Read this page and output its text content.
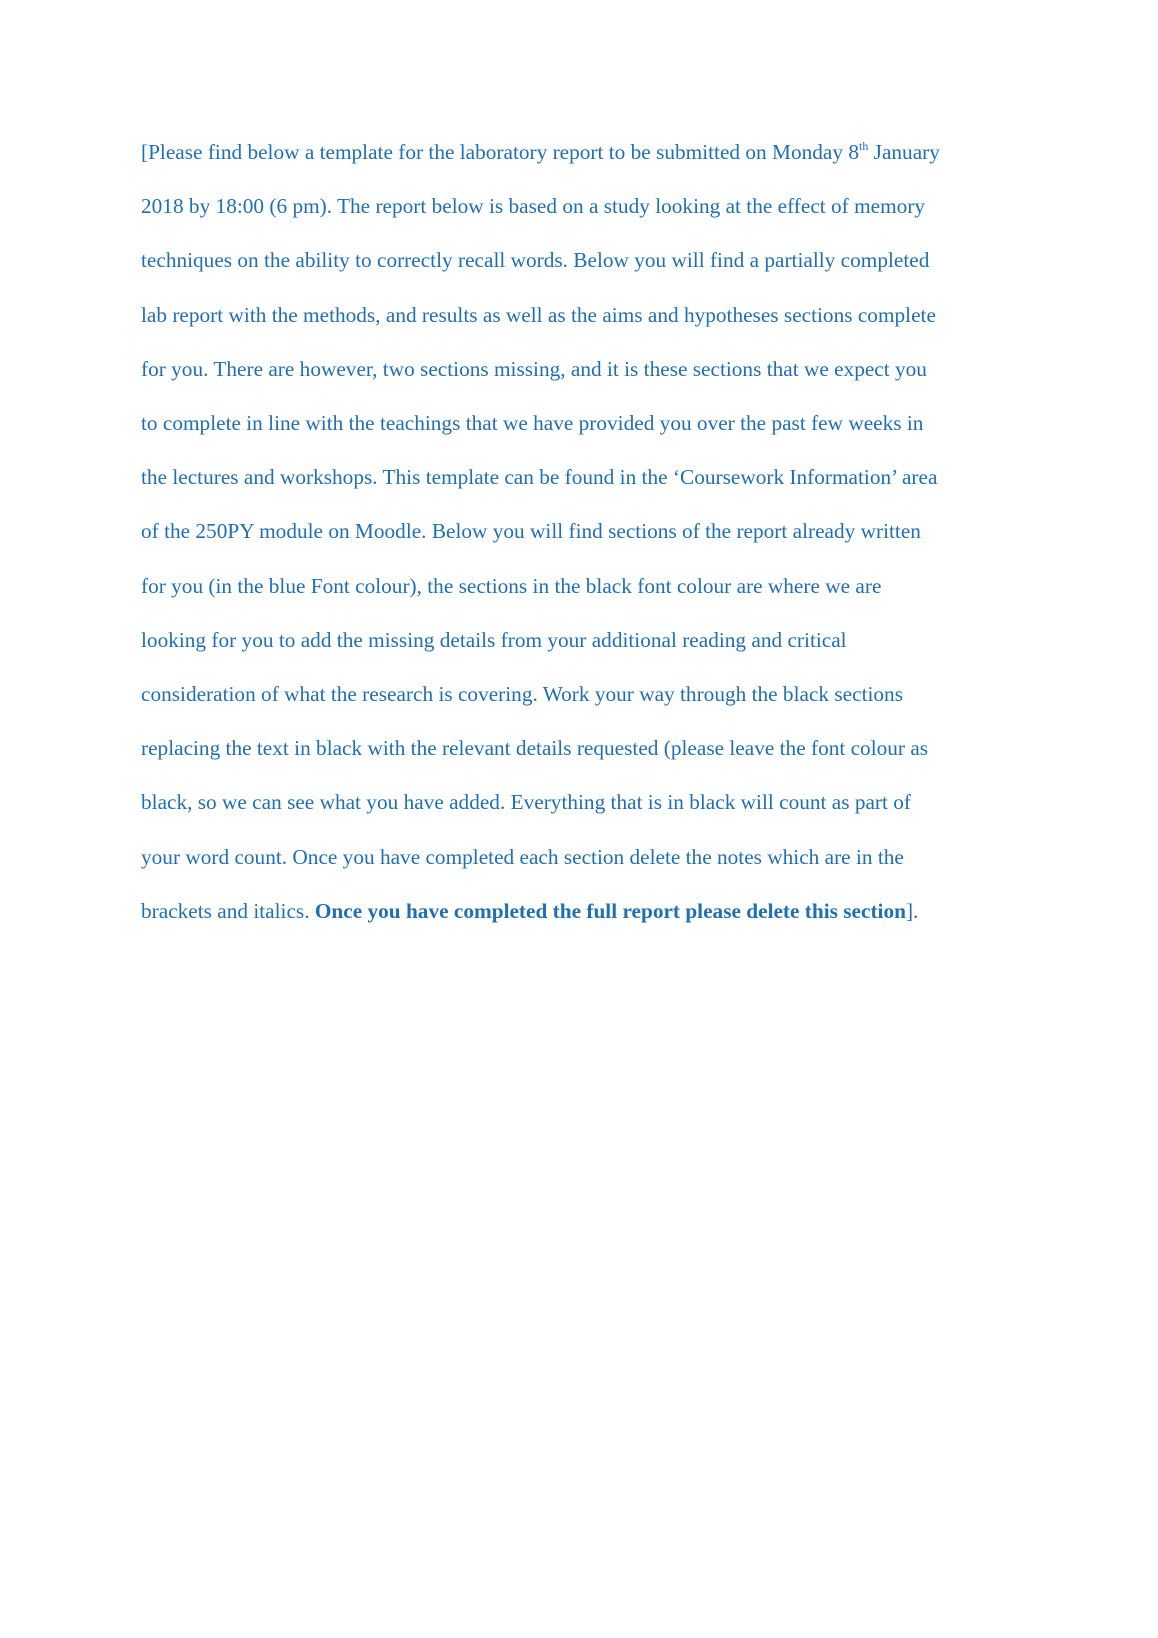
[Please find below a template for the laboratory report to be submitted on Monday 8th January
2018 by 18:00 (6 pm). The report below is based on a study looking at the effect of memory
techniques on the ability to correctly recall words. Below you will find a partially completed
lab report with the methods, and results as well as the aims and hypotheses sections complete
for you. There are however, two sections missing, and it is these sections that we expect you
to complete in line with the teachings that we have provided you over the past few weeks in
the lectures and workshops. This template can be found in the ‘Coursework Information’ area
of the 250PY module on Moodle. Below you will find sections of the report already written
for you (in the blue Font colour), the sections in the black font colour are where we are
looking for you to add the missing details from your additional reading and critical
consideration of what the research is covering. Work your way through the black sections
replacing the text in black with the relevant details requested (please leave the font colour as
black, so we can see what you have added. Everything that is in black will count as part of
your word count. Once you have completed each section delete the notes which are in the
brackets and italics. Once you have completed the full report please delete this section].
